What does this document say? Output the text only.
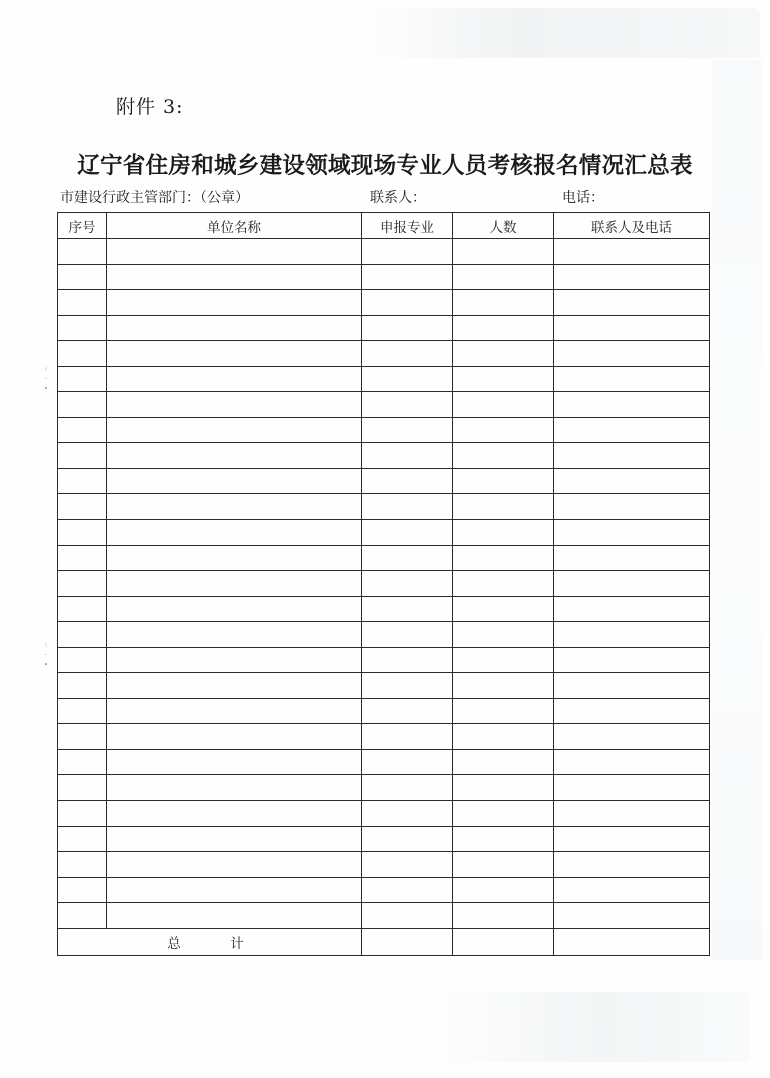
⁝
·
•
⁝
·
•
附件 3:
辽宁省住房和城乡建设领域现场专业人员考核报名情况汇总表
市建设行政主管部门：（公章）	联系人：	电话：
序号	单位名称	申报专业	人数	联系人及电话

总　计				
